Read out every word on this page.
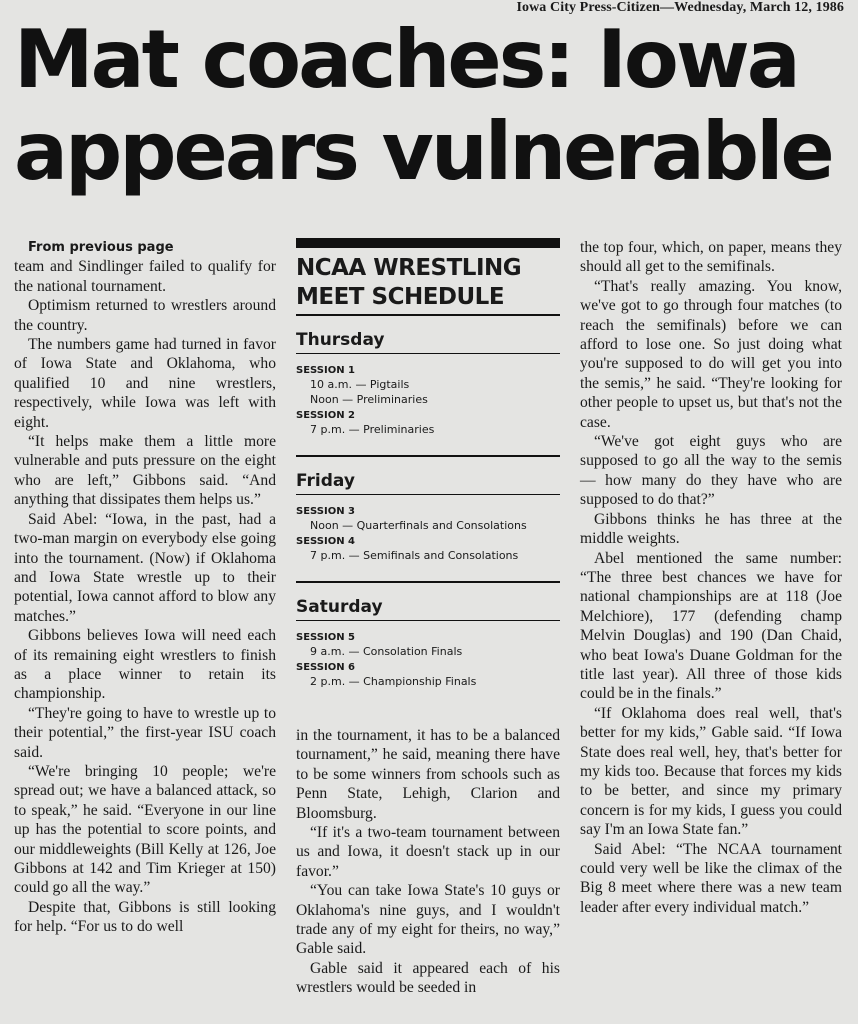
Iowa City Press-Citizen—Wednesday, March 12, 1986
Mat coaches: Iowa
appears vulnerable

From previous page

team and Sindlinger failed to qualify for the national tournament.

Optimism returned to wrestlers around the country.

The numbers game had turned in favor of Iowa State and Oklahoma, who qualified 10 and nine wrestlers, respectively, while Iowa was left with eight.

“It helps make them a little more vulnerable and puts pressure on the eight who are left,” Gibbons said. “And anything that dissipates them helps us.”

Said Abel: “Iowa, in the past, had a two-man margin on everybody else going into the tournament. (Now) if Oklahoma and Iowa State wrestle up to their potential, Iowa cannot afford to blow any matches.”

Gibbons believes Iowa will need each of its remaining eight wrestlers to finish as a place winner to retain its championship.

“They're going to have to wrestle up to their potential,” the first-year ISU coach said.

“We're bringing 10 people; we're spread out; we have a balanced attack, so to speak,” he said. “Everyone in our line up has the potential to score points, and our middleweights (Bill Kelly at 126, Joe Gibbons at 142 and Tim Krieger at 150) could go all the way.”

Despite that, Gibbons is still looking for help. “For us to do well

NCAA WRESTLING MEET SCHEDULE
Thursday
SESSION 1
10 a.m. — Pigtails
Noon — Preliminaries
SESSION 2
7 p.m. — Preliminaries
Friday
SESSION 3
Noon — Quarterfinals and Consolations
SESSION 4
7 p.m. — Semifinals and Consolations
Saturday
SESSION 5
9 a.m. — Consolation Finals
SESSION 6
2 p.m. — Championship Finals

in the tournament, it has to be a balanced tournament,” he said, meaning there have to be some winners from schools such as Penn State, Lehigh, Clarion and Bloomsburg.

“If it's a two-team tournament between us and Iowa, it doesn't stack up in our favor.”

“You can take Iowa State's 10 guys or Oklahoma's nine guys, and I wouldn't trade any of my eight for theirs, no way,” Gable said.

Gable said it appeared each of his wrestlers would be seeded in

the top four, which, on paper, means they should all get to the semifinals.

“That's really amazing. You know, we've got to go through four matches (to reach the semifinals) before we can afford to lose one. So just doing what you're supposed to do will get you into the semis,” he said. “They're looking for other people to upset us, but that's not the case.

“We've got eight guys who are supposed to go all the way to the semis — how many do they have who are supposed to do that?”

Gibbons thinks he has three at the middle weights.

Abel mentioned the same number: “The three best chances we have for national championships are at 118 (Joe Melchiore), 177 (defending champ Melvin Douglas) and 190 (Dan Chaid, who beat Iowa's Duane Goldman for the title last year). All three of those kids could be in the finals.”

“If Oklahoma does real well, that's better for my kids,” Gable said. “If Iowa State does real well, hey, that's better for my kids too. Because that forces my kids to be better, and since my primary concern is for my kids, I guess you could say I'm an Iowa State fan.”

Said Abel: “The NCAA tournament could very well be like the climax of the Big 8 meet where there was a new team leader after every individual match.”
